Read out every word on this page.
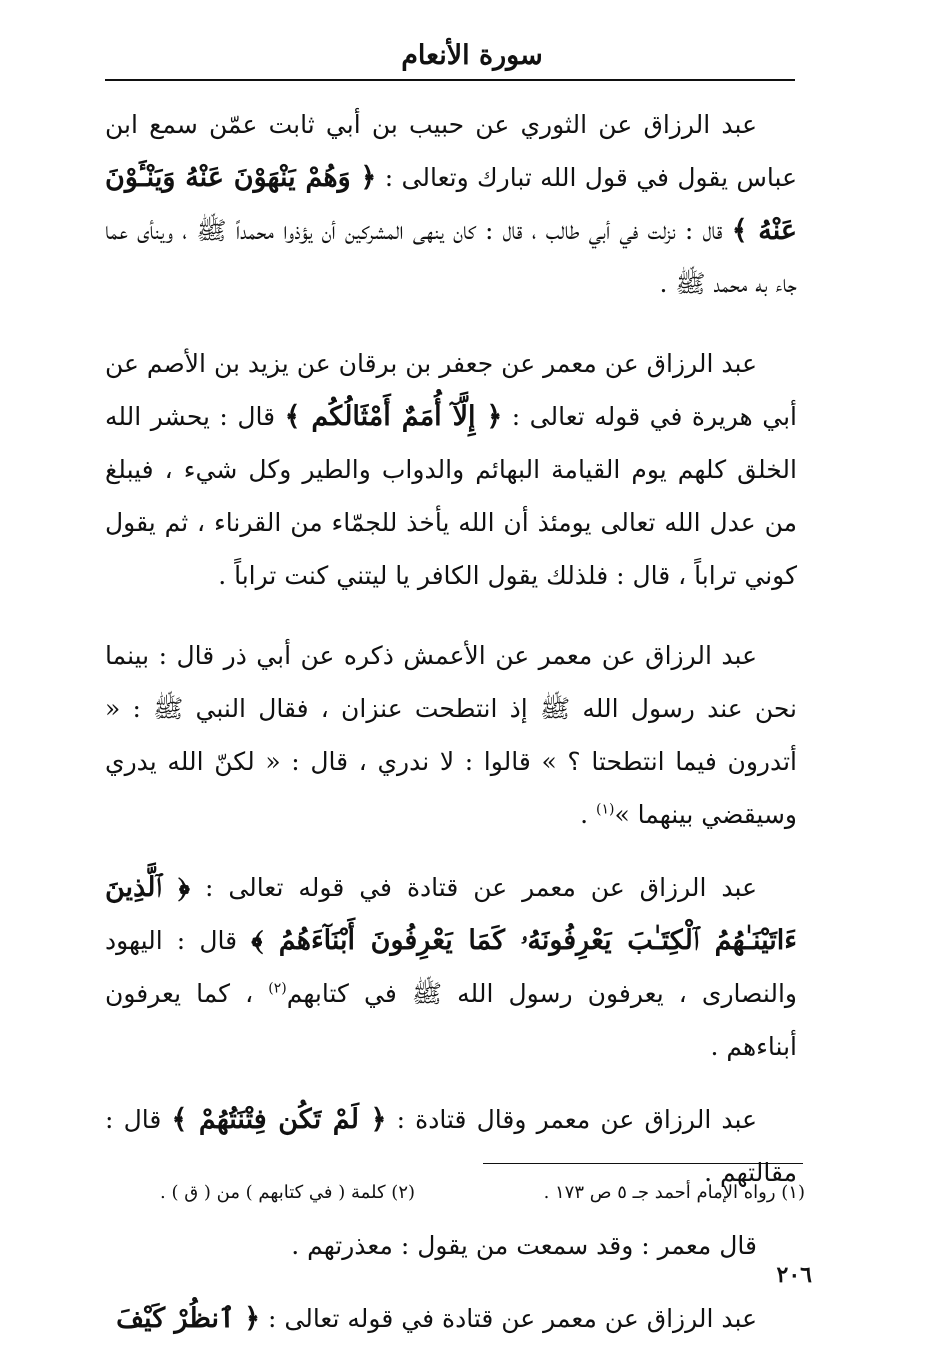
سورة الأنعام

عبد الرزاق عن الثوري عن حبيب بن أبي ثابت عمّن سمع ابن عباس يقول في قول الله تبارك وتعالى : ﴿ وَهُمْ يَنْهَوْنَ عَنْهُ وَيَنْـَٔوْنَ عَنْهُ ﴾ قال : نزلت في أبي طالب ، قال : كان ينهى المشركين أن يؤذوا محمداً ﷺ ، وينأى عما جاء به محمد ﷺ .

عبد الرزاق عن معمر عن جعفر بن برقان عن يزيد بن الأصم عن أبي هريرة في قوله تعالى : ﴿ إِلَّآ أُمَمٌ أَمْثَالُكُم ﴾ قال : يحشر الله الخلق كلهم يوم القيامة البهائم والدواب والطير وكل شيء ، فيبلغ من عدل الله تعالى يومئذ أن الله يأخذ للجمّاء من القرناء ، ثم يقول كوني تراباً ، قال : فلذلك يقول الكافر يا ليتني كنت تراباً .

عبد الرزاق عن معمر عن الأعمش ذكره عن أبي ذر قال : بينما نحن عند رسول الله ﷺ إذ انتطحت عنزان ، فقال النبي ﷺ : « أتدرون فيما انتطحتا ؟ » قالوا : لا ندري ، قال : « لكنّ الله يدري وسيقضي بينهما »$^{(١)}$ .

عبد الرزاق عن معمر عن قتادة في قوله تعالى : ﴿ ٱلَّذِينَ ءَاتَيْنَـٰهُمُ ٱلْكِتَـٰبَ يَعْرِفُونَهُۥ كَمَا يَعْرِفُونَ أَبْنَآءَهُمُ ﴾ قال : اليهود والنصارى ، يعرفون رسول الله ﷺ في كتابهم$^{(٢)}$ ، كما يعرفون أبناءهم .

عبد الرزاق عن معمر وقال قتادة : ﴿ لَمْ تَكُن فِتْنَتُهُمْ ﴾ قال : مقالتهم .

قال معمر : وقد سمعت من يقول : معذرتهم .

عبد الرزاق عن معمر عن قتادة في قوله تعالى : ﴿ ٱنظُرْ كَيْفَ

(١) رواه الإمام أحمد جـ ٥ ص ١٧٣ .
(٢) كلمة ( في كتابهم ) من ( ق ) .
٢٠٦
